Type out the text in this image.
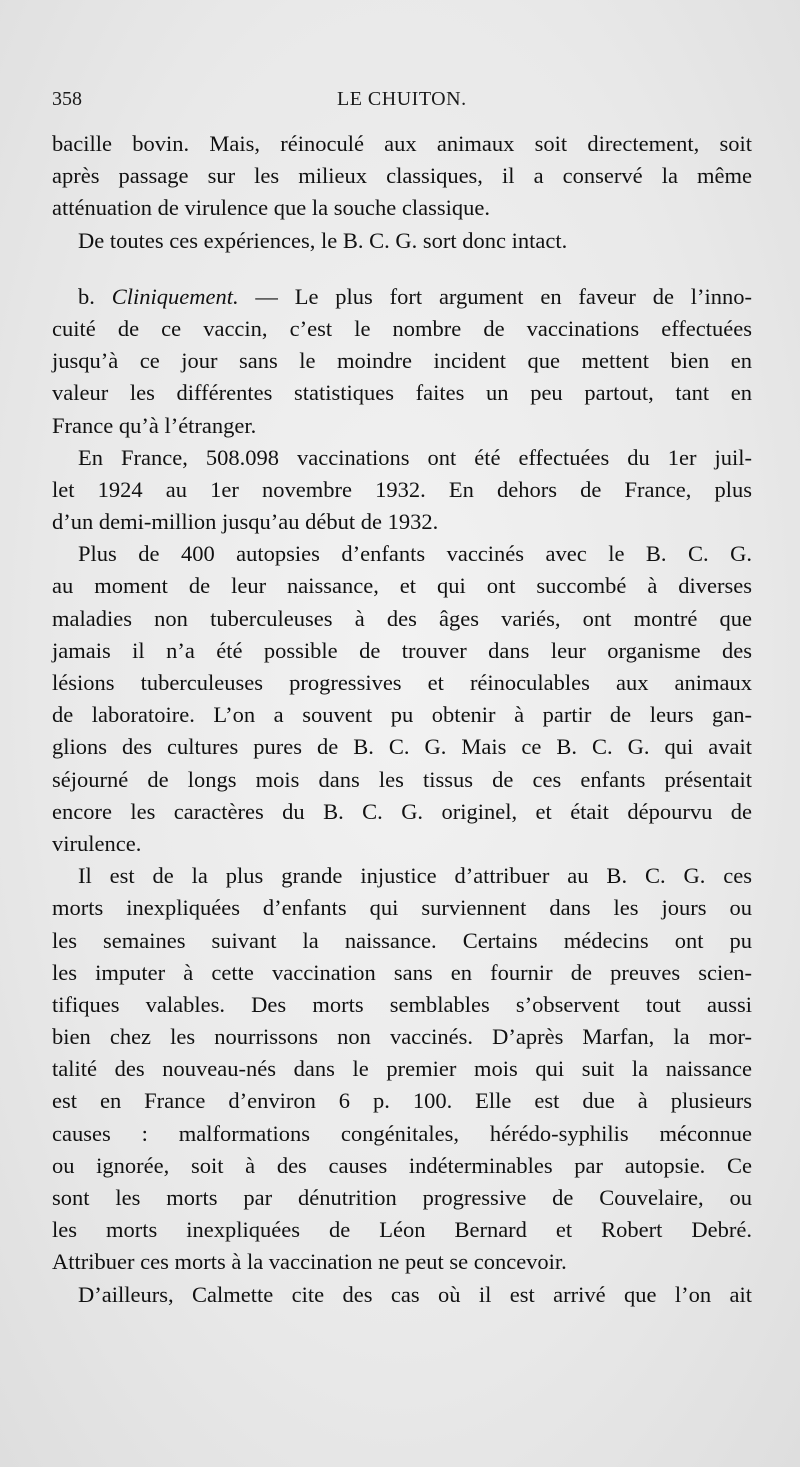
358	LE CHUITON.
bacille bovin. Mais, réinoculé aux animaux soit directement, soit
après passage sur les milieux classiques, il a conservé la même
atténuation de virulence que la souche classique.
De toutes ces expériences, le B. C. G. sort donc intact.
b. Cliniquement. — Le plus fort argument en faveur de l’inno-
cuité de ce vaccin, c’est le nombre de vaccinations effectuées
jusqu’à ce jour sans le moindre incident que mettent bien en
valeur les différentes statistiques faites un peu partout, tant en
France qu’à l’étranger.
En France, 508.098 vaccinations ont été effectuées du 1er juil-
let 1924 au 1er novembre 1932. En dehors de France, plus
d’un demi-million jusqu’au début de 1932.
Plus de 400 autopsies d’enfants vaccinés avec le B. C. G.
au moment de leur naissance, et qui ont succombé à diverses
maladies non tuberculeuses à des âges variés, ont montré que
jamais il n’a été possible de trouver dans leur organisme des
lésions tuberculeuses progressives et réinoculables aux animaux
de laboratoire. L’on a souvent pu obtenir à partir de leurs gan-
glions des cultures pures de B. C. G. Mais ce B. C. G. qui avait
séjourné de longs mois dans les tissus de ces enfants présentait
encore les caractères du B. C. G. originel, et était dépourvu de
virulence.
Il est de la plus grande injustice d’attribuer au B. C. G. ces
morts inexpliquées d’enfants qui surviennent dans les jours ou
les semaines suivant la naissance. Certains médecins ont pu
les imputer à cette vaccination sans en fournir de preuves scien-
tifiques valables. Des morts semblables s’observent tout aussi
bien chez les nourrissons non vaccinés. D’après Marfan, la mor-
talité des nouveau-nés dans le premier mois qui suit la naissance
est en France d’environ 6 p. 100. Elle est due à plusieurs
causes : malformations congénitales, hérédo-syphilis méconnue
ou ignorée, soit à des causes indéterminables par autopsie. Ce
sont les morts par dénutrition progressive de Couvelaire, ou
les morts inexpliquées de Léon Bernard et Robert Debré.
Attribuer ces morts à la vaccination ne peut se concevoir.
D’ailleurs, Calmette cite des cas où il est arrivé que l’on ait
